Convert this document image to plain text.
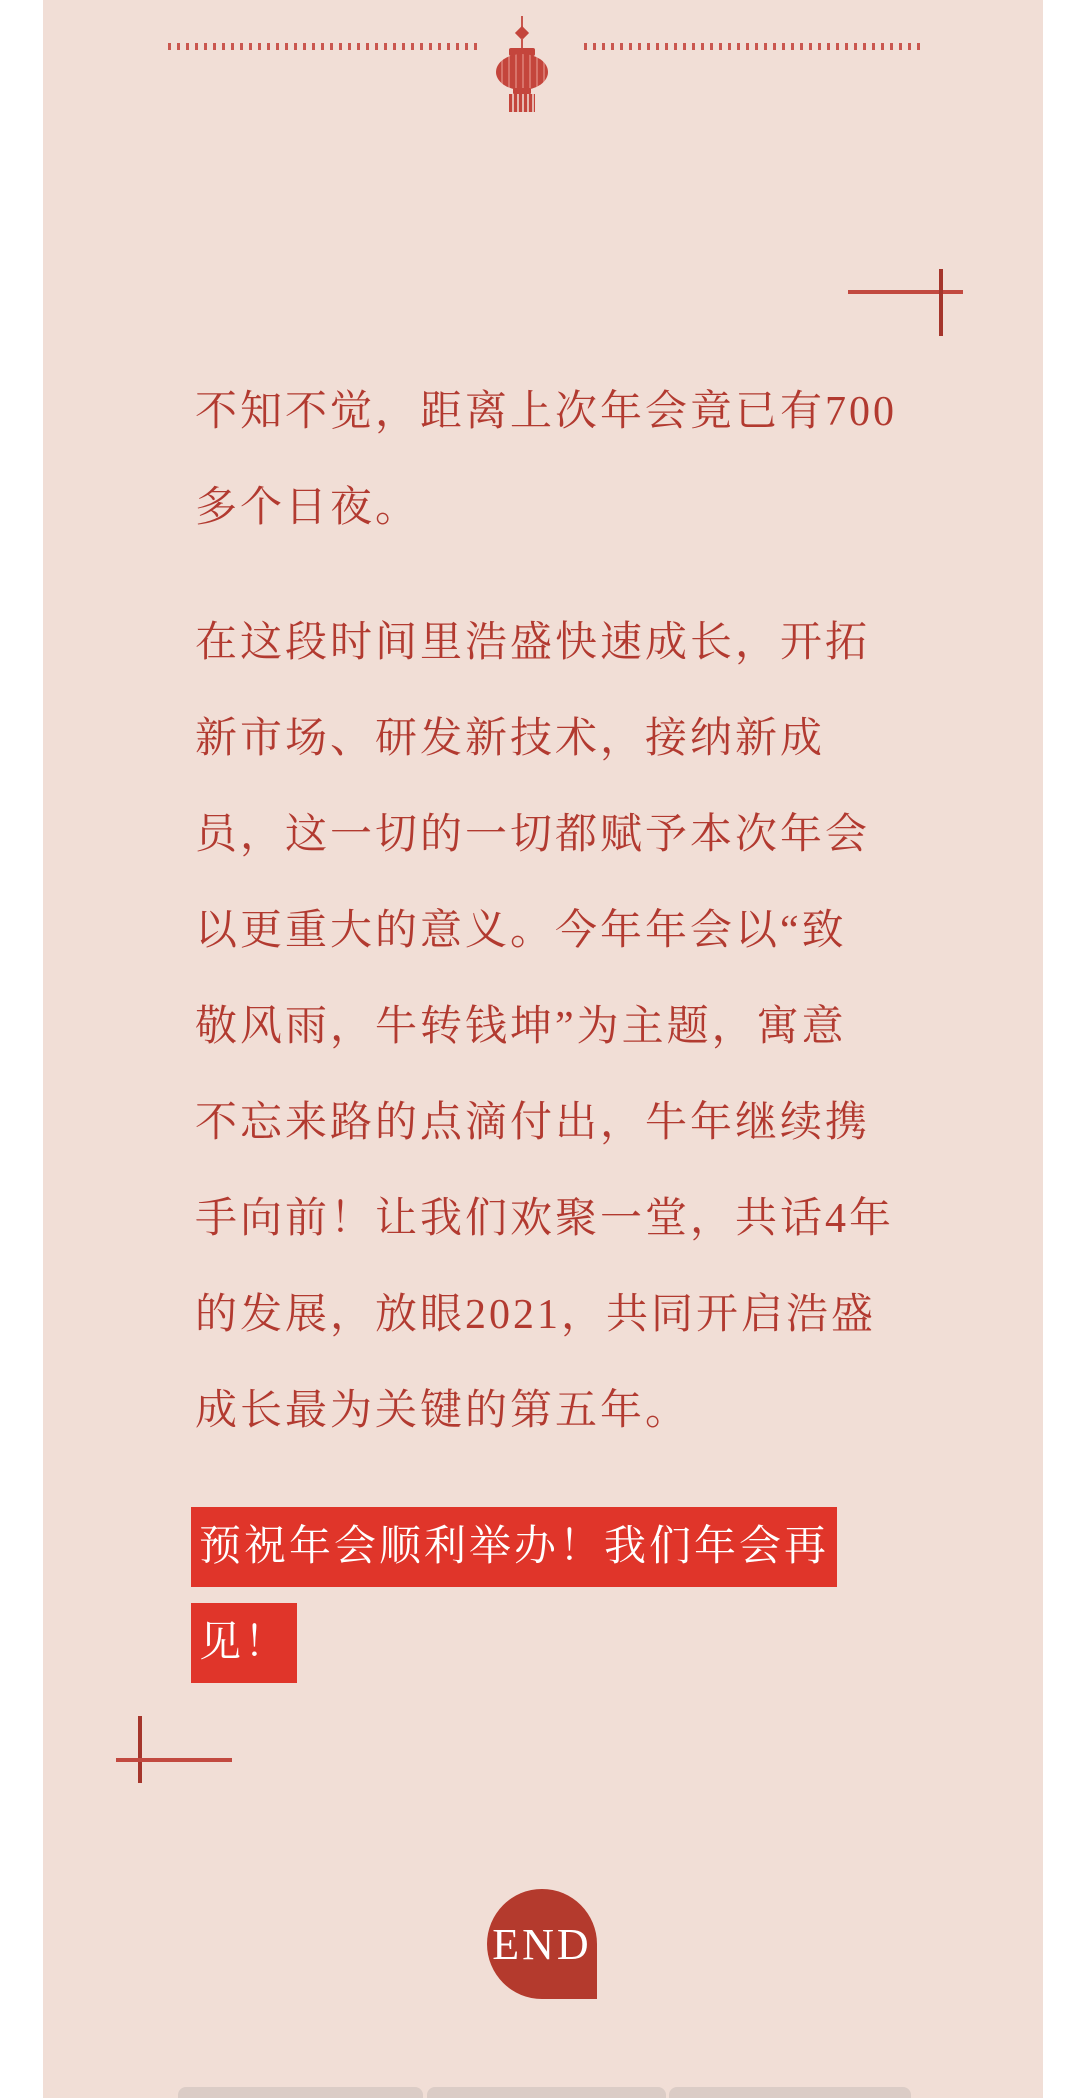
不知不觉，距离上次年会竟已有700
多个日夜。
在这段时间里浩盛快速成长，开拓
新市场、研发新技术，接纳新成
员，这一切的一切都赋予本次年会
以更重大的意义。今年年会以“致
敬风雨，牛转钱坤”为主题，寓意
不忘来路的点滴付出，牛年继续携
手向前！让我们欢聚一堂，共话4年
的发展，放眼2021，共同开启浩盛
成长最为关键的第五年。
预祝年会顺利举办！我们年会再
见！
END
